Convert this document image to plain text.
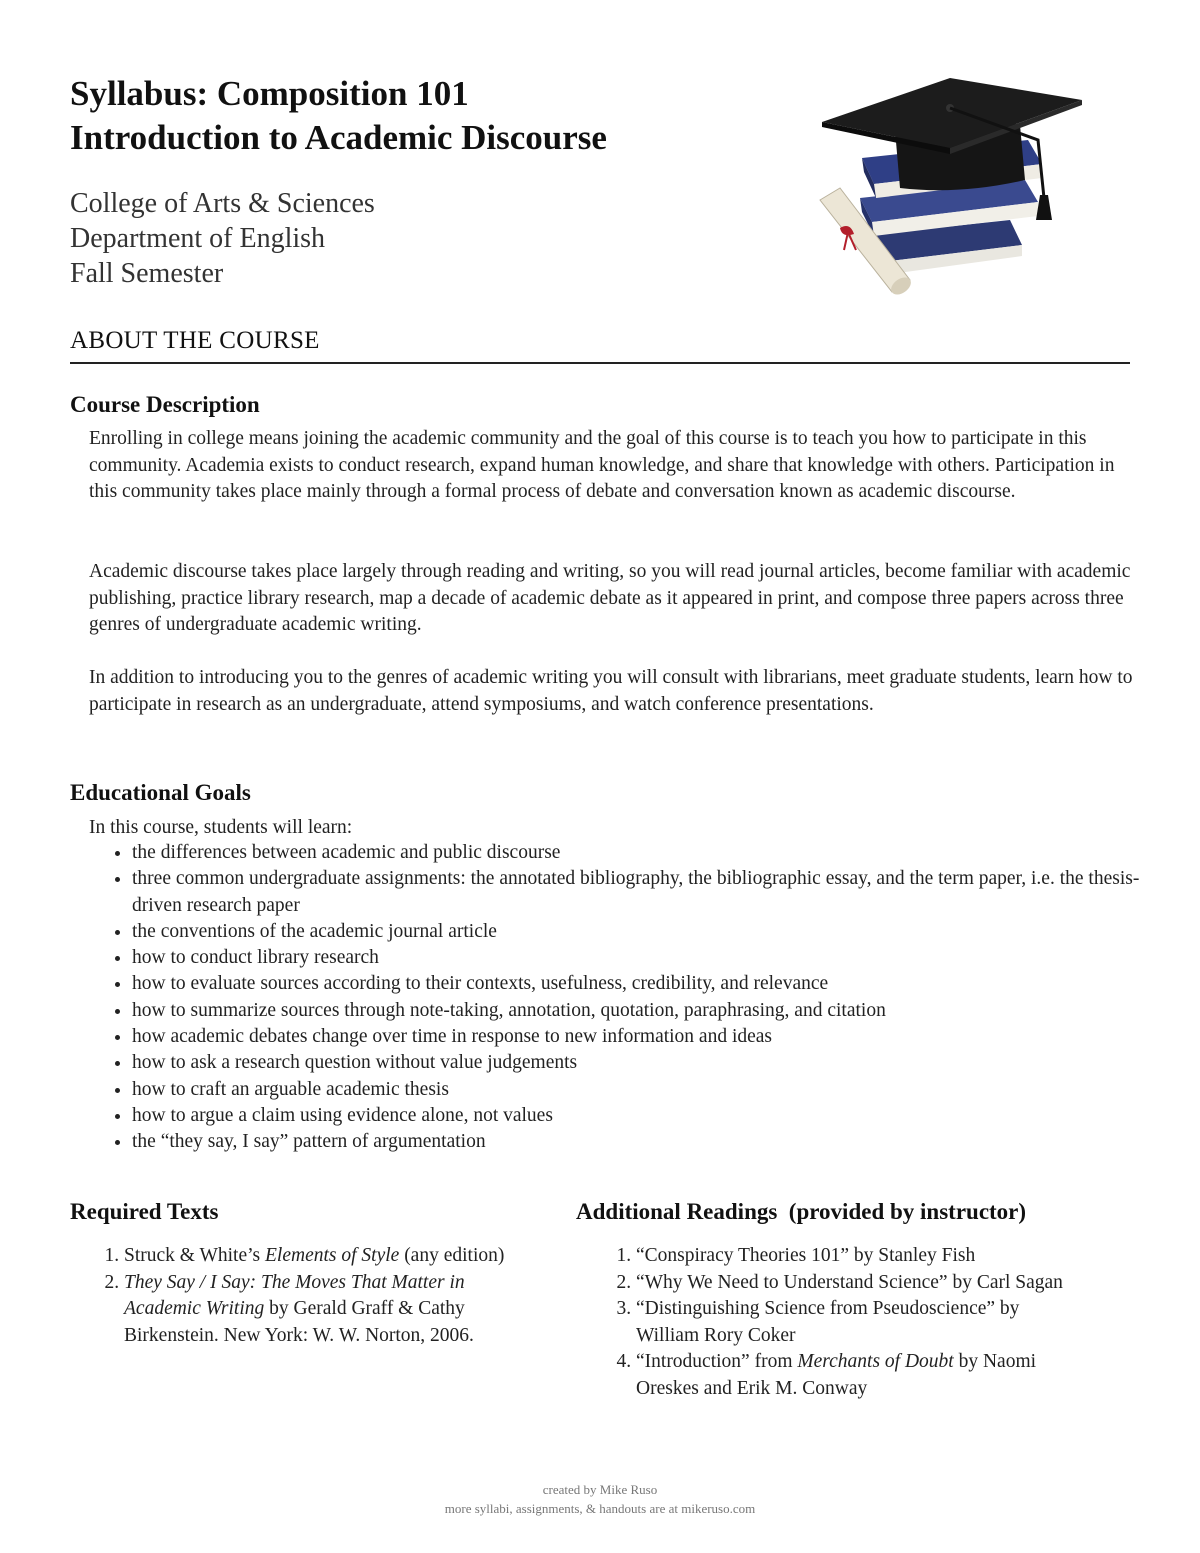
Syllabus: Composition 101
Introduction to Academic Discourse
College of Arts & Sciences
Department of English
Fall Semester
ABOUT THE COURSE
Course Description

Enrolling in college means joining the academic community and the goal of this course is to teach you how to participate in this community. Academia exists to conduct research, expand human knowledge, and share that knowledge with others. Participation in this community takes place mainly through a formal process of debate and conversation known as academic discourse.

Academic discourse takes place largely through reading and writing, so you will read journal articles, become familiar with academic publishing, practice library research, map a decade of academic debate as it appeared in print, and compose three papers across three genres of undergraduate academic writing.

In addition to introducing you to the genres of academic writing you will consult with librarians, meet graduate students, learn how to participate in research as an undergraduate, attend symposiums, and watch conference presentations.

Educational Goals

In this course, students will learn:

• the differences between academic and public discourse
• three common undergraduate assignments: the annotated bibliography, the bibliographic essay, and the term paper, i.e. the thesis-driven research paper
• the conventions of the academic journal article
• how to conduct library research
• how to evaluate sources according to their contexts, usefulness, credibility, and relevance
• how to summarize sources through note-taking, annotation, quotation, paraphrasing, and citation
• how academic debates change over time in response to new information and ideas
• how to ask a research question without value judgements
• how to craft an arguable academic thesis
• how to argue a claim using evidence alone, not values
• the “they say, I say” pattern of argumentation
Required Texts
1. Struck & White’s Elements of Style (any edition)
2. They Say / I Say: The Moves That Matter in Academic Writing by Gerald Graff & Cathy Birkenstein. New York: W. W. Norton, 2006.
Additional Readings  (provided by instructor)
1. “Conspiracy Theories 101” by Stanley Fish
2. “Why We Need to Understand Science” by Carl Sagan
3. “Distinguishing Science from Pseudoscience” by William Rory Coker
4. “Introduction” from Merchants of Doubt by Naomi Oreskes and Erik M. Conway
created by Mike Ruso
more syllabi, assignments, & handouts are at mikeruso.com
